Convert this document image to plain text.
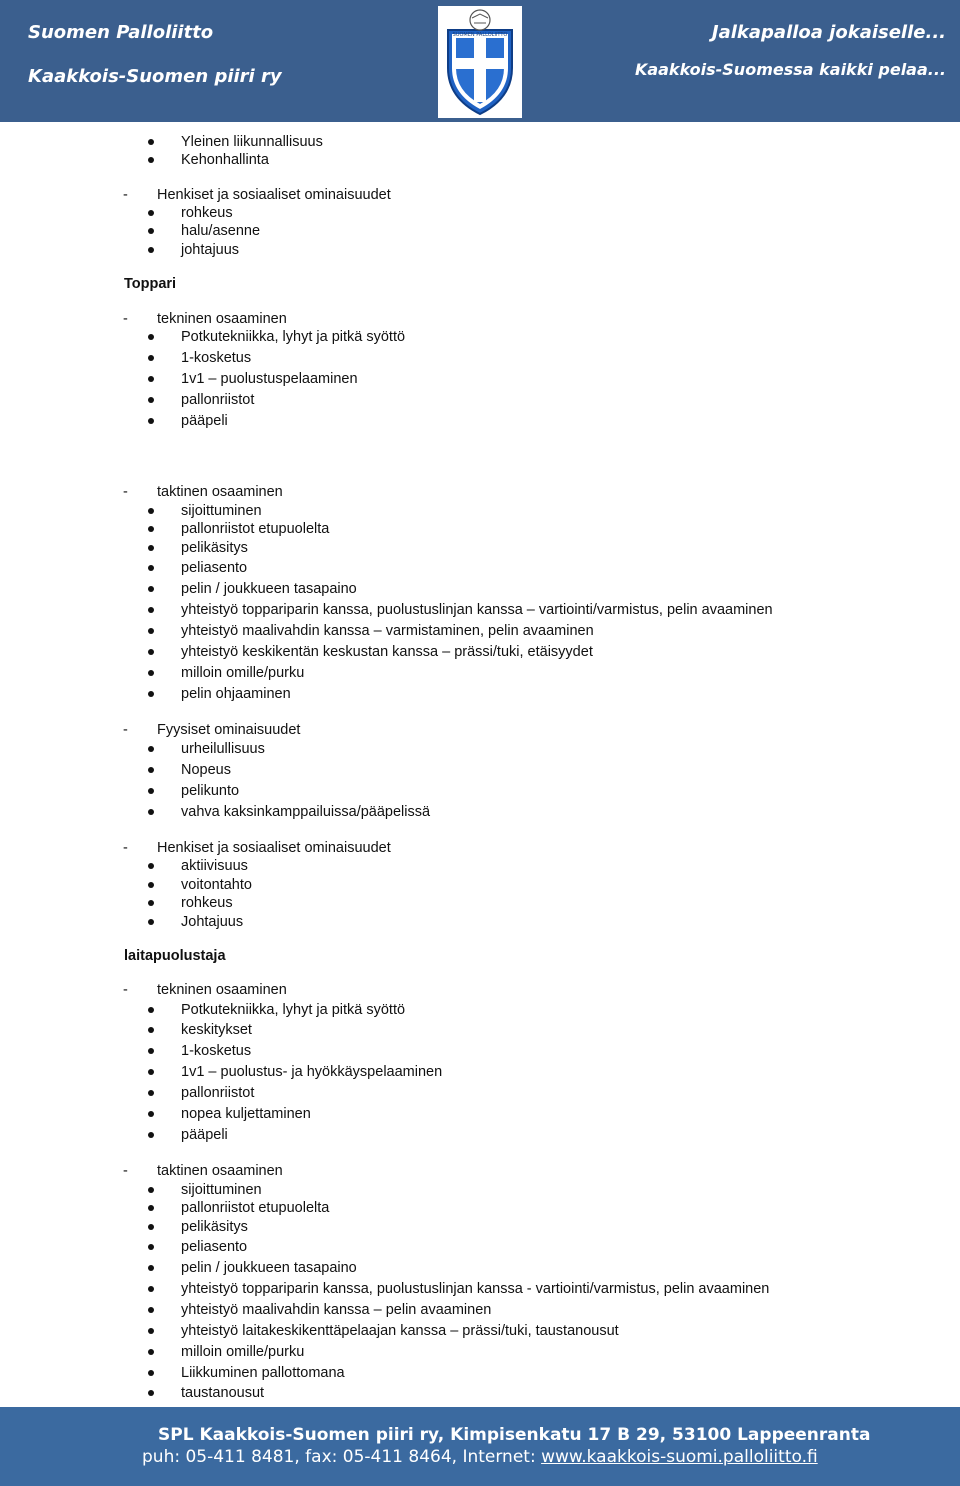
Suomen Palloliitto
Kaakkois-Suomen piiri ry
Jalkapalloa jokaiselle...
Kaakkois-Suomessa kaikki pelaa...
SUOMEN PALLOLIITTO
Yleinen liikunnallisuus
Kehonhallinta
- Henkiset ja sosiaaliset ominaisuudet
rohkeus
halu/asenne
johtajuus
Toppari
- tekninen osaaminen
Potkutekniikka, lyhyt ja pitkä syöttö
1-kosketus
1v1 – puolustuspelaaminen
pallonriistot
pääpeli
- taktinen osaaminen
sijoittuminen
pallonriistot etupuolelta
pelikäsitys
peliasento
pelin / joukkueen tasapaino
yhteistyö toppariparin kanssa, puolustuslinjan kanssa – vartiointi/varmistus, pelin avaaminen
yhteistyö maalivahdin kanssa – varmistaminen, pelin avaaminen
yhteistyö keskikentän keskustan kanssa – prässi/tuki, etäisyydet
milloin omille/purku
pelin ohjaaminen
- Fyysiset ominaisuudet
urheilullisuus
Nopeus
pelikunto
vahva kaksinkamppailuissa/pääpelissä
- Henkiset ja sosiaaliset ominaisuudet
aktiivisuus
voitontahto
rohkeus
Johtajuus
laitapuolustaja
- tekninen osaaminen
Potkutekniikka, lyhyt ja pitkä syöttö
keskitykset
1-kosketus
1v1 – puolustus- ja hyökkäyspelaaminen
pallonriistot
nopea kuljettaminen
pääpeli
- taktinen osaaminen
sijoittuminen
pallonriistot etupuolelta
pelikäsitys
peliasento
pelin / joukkueen tasapaino
yhteistyö toppariparin kanssa, puolustuslinjan kanssa - vartiointi/varmistus, pelin avaaminen
yhteistyö maalivahdin kanssa – pelin avaaminen
yhteistyö laitakeskikenttäpelaajan kanssa – prässi/tuki, taustanousut
milloin omille/purku
Liikkuminen pallottomana
taustanousut
SPL Kaakkois-Suomen piiri ry, Kimpisenkatu 17 B 29, 53100 Lappeenranta
puh: 05-411 8481, fax: 05-411 8464, Internet: www.kaakkois-suomi.palloliitto.fi
